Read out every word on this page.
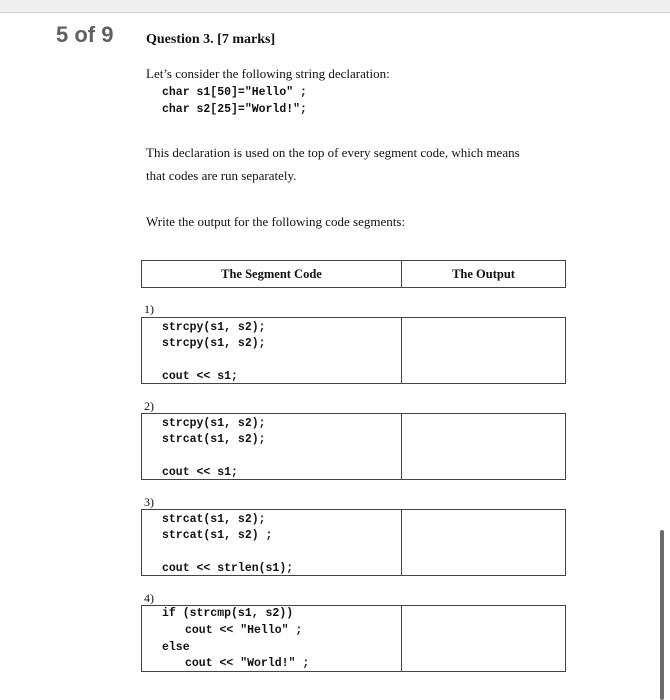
5 of 9 Question 3. [7 marks]
Let’s consider the following string declaration:
char s1[50]="Hello" ;
char s2[25]="World!";
This declaration is used on the top of every segment code, which means
that codes are run separately.
Write the output for the following code segments:
The Segment Code	The Output
1)
strcpy(s1, s2);
strcpy(s1, s2);
cout << s1;
2)
strcpy(s1, s2);
strcat(s1, s2);
cout << s1;
3)
strcat(s1, s2);
strcat(s1, s2) ;
cout << strlen(s1);
4)
if (strcmp(s1, s2))
cout << "Hello" ;
else
cout << "World!" ;
